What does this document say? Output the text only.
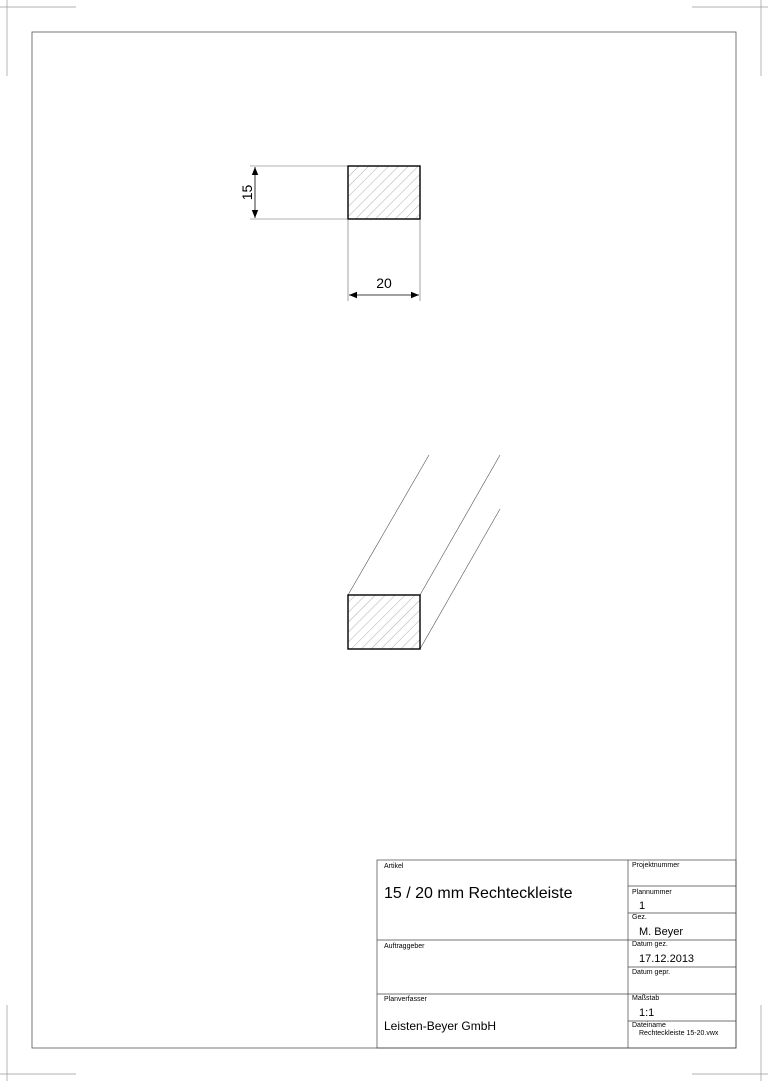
15
20
Artikel
15 / 20 mm Rechteckleiste
Projektnummer
Plannummer
1
Gez.
M. Beyer
Auftraggeber	Datum gez.
17.12.2013
Datum gepr.
Planverfasser
Leisten-Beyer GmbH
Maßstab
1:1
Dateiname
Rechteckleiste 15-20.vwx
